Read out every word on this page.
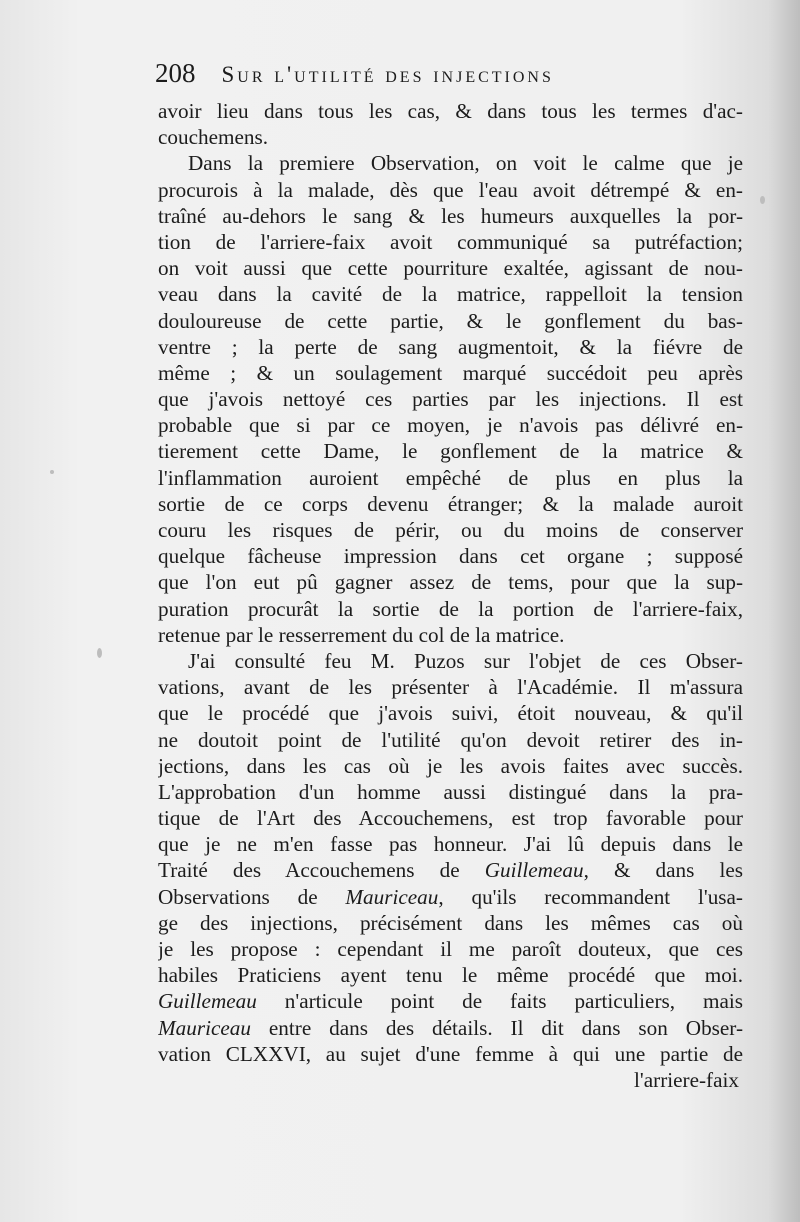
208 Sur l'utilité des injections
avoir lieu dans tous les cas, & dans tous les termes d'ac-
couchemens.
Dans la premiere Observation, on voit le calme que je
procurois à la malade, dès que l'eau avoit détrempé & en-
traîné au-dehors le sang & les humeurs auxquelles la por-
tion de l'arriere-faix avoit communiqué sa putréfaction;
on voit aussi que cette pourriture exaltée, agissant de nou-
veau dans la cavité de la matrice, rappelloit la tension
douloureuse de cette partie, & le gonflement du bas-
ventre ; la perte de sang augmentoit, & la fiévre de
même ; & un soulagement marqué succédoit peu après
que j'avois nettoyé ces parties par les injections. Il est
probable que si par ce moyen, je n'avois pas délivré en-
tierement cette Dame, le gonflement de la matrice &
l'inflammation auroient empêché de plus en plus la
sortie de ce corps devenu étranger; & la malade auroit
couru les risques de périr, ou du moins de conserver
quelque fâcheuse impression dans cet organe ; supposé
que l'on eut pû gagner assez de tems, pour que la sup-
puration procurât la sortie de la portion de l'arriere-faix,
retenue par le resserrement du col de la matrice.
J'ai consulté feu M. Puzos sur l'objet de ces Obser-
vations, avant de les présenter à l'Académie. Il m'assura
que le procédé que j'avois suivi, étoit nouveau, & qu'il
ne doutoit point de l'utilité qu'on devoit retirer des in-
jections, dans les cas où je les avois faites avec succès.
L'approbation d'un homme aussi distingué dans la pra-
tique de l'Art des Accouchemens, est trop favorable pour
que je ne m'en fasse pas honneur. J'ai lû depuis dans le
Traité des Accouchemens de Guillemeau, & dans les
Observations de Mauriceau, qu'ils recommandent l'usa-
ge des injections, précisément dans les mêmes cas où
je les propose : cependant il me paroît douteux, que ces
habiles Praticiens ayent tenu le même procédé que moi.
Guillemeau n'articule point de faits particuliers, mais
Mauriceau entre dans des détails. Il dit dans son Obser-
vation CLXXVI, au sujet d'une femme à qui une partie de
l'arriere-faix
